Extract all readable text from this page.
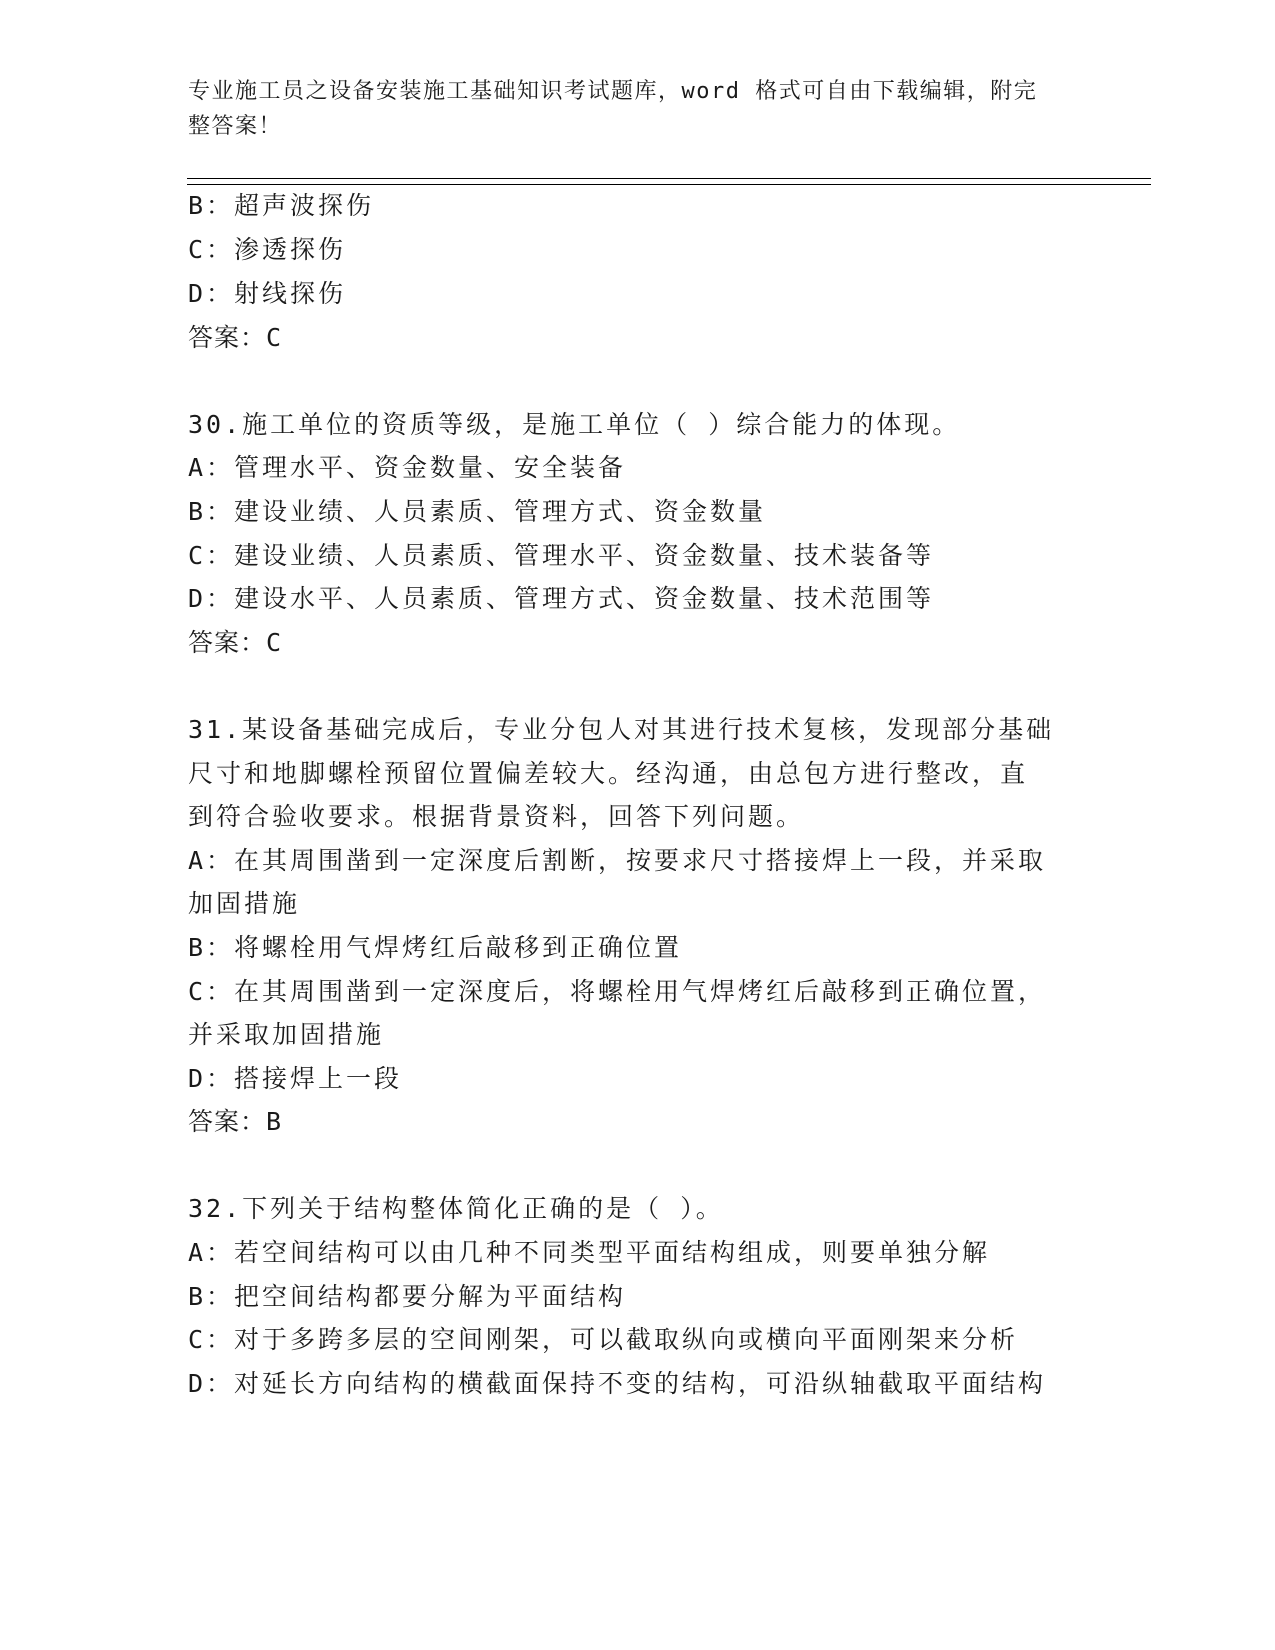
专业施工员之设备安装施工基础知识考试题库，word 格式可自由下载编辑，附完
整答案！
B：超声波探伤
C：渗透探伤
D：射线探伤
答案：C
30.施工单位的资质等级，是施工单位（ ）综合能力的体现。
A：管理水平、资金数量、安全装备
B：建设业绩、人员素质、管理方式、资金数量
C：建设业绩、人员素质、管理水平、资金数量、技术装备等
D：建设水平、人员素质、管理方式、资金数量、技术范围等
答案：C
31.某设备基础完成后，专业分包人对其进行技术复核，发现部分基础
尺寸和地脚螺栓预留位置偏差较大。经沟通，由总包方进行整改，直
到符合验收要求。根据背景资料，回答下列问题。
A：在其周围凿到一定深度后割断，按要求尺寸搭接焊上一段，并采取
加固措施
B：将螺栓用气焊烤红后敲移到正确位置
C：在其周围凿到一定深度后，将螺栓用气焊烤红后敲移到正确位置，
并采取加固措施
D：搭接焊上一段
答案：B
32.下列关于结构整体简化正确的是（ ）。
A：若空间结构可以由几种不同类型平面结构组成，则要单独分解
B：把空间结构都要分解为平面结构
C：对于多跨多层的空间刚架，可以截取纵向或横向平面刚架来分析
D：对延长方向结构的横截面保持不变的结构，可沿纵轴截取平面结构
